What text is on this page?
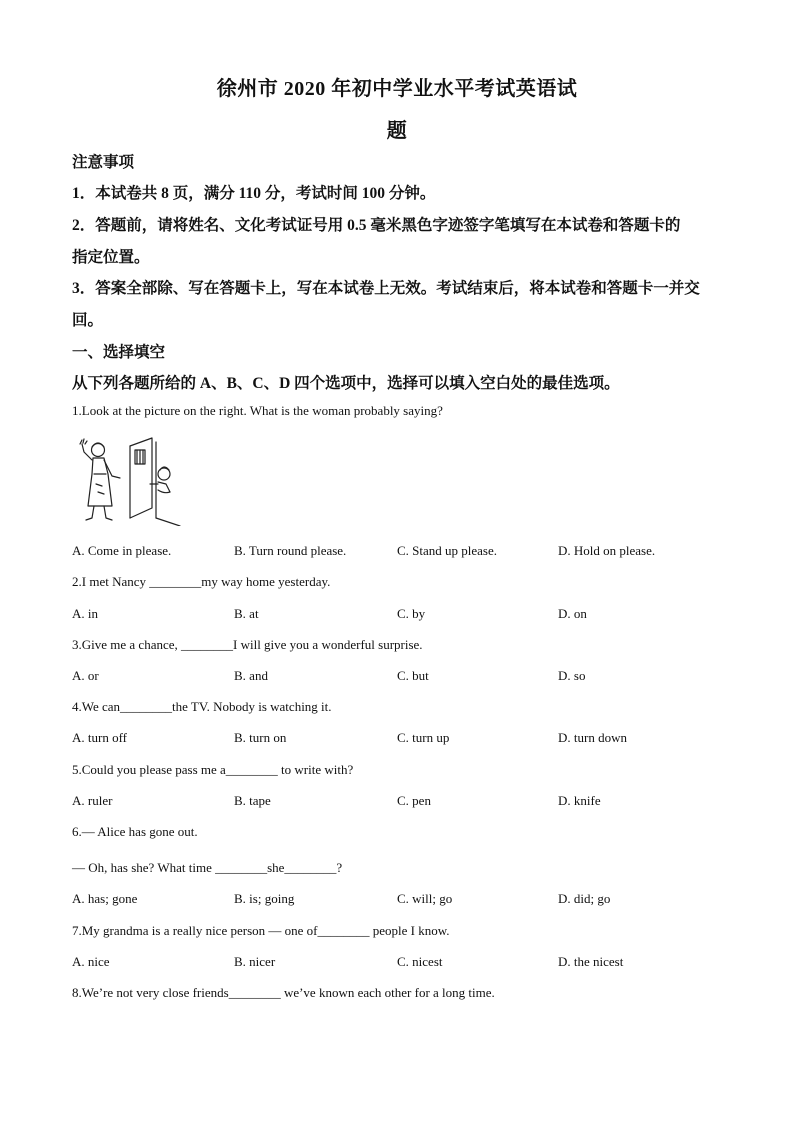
徐州市 2020 年初中学业水平考试英语试
题
注意事项
1．本试卷共 8 页，满分 110 分，考试时间 100 分钟。
2．答题前，请将姓名、文化考试证号用 0.5 毫米黑色字迹签字笔填写在本试卷和答题卡的
指定位置。
3．答案全部除、写在答题卡上，写在本试卷上无效。考试结束后，将本试卷和答题卡一并交
回。
一、选择填空
从下列各题所给的 A、B、C、D 四个选项中，选择可以填入空白处的最佳选项。
1.Look at the picture on the right. What is the woman probably saying?
A. Come in please.	B. Turn round please.	C. Stand up please.	D. Hold on please.
2.I met Nancy ________my way home yesterday.
A. in	B. at	C. by	D. on
3.Give me a chance, ________I will give you a wonderful surprise.
A. or	B. and	C. but	D. so
4.We can________the TV. Nobody is watching it.
A. turn off	B. turn on	C. turn up	D. turn down
5.Could you please pass me a________ to write with?
A. ruler	B. tape	C. pen	D. knife
6.— Alice has gone out.
— Oh, has she? What time ________she________?
A. has; gone	B. is; going	C. will; go	D. did; go
7.My grandma is a really nice person — one of________ people I know.
A. nice	B. nicer	C. nicest	D. the nicest
8.We’re not very close friends________ we’ve known each other for a long time.
